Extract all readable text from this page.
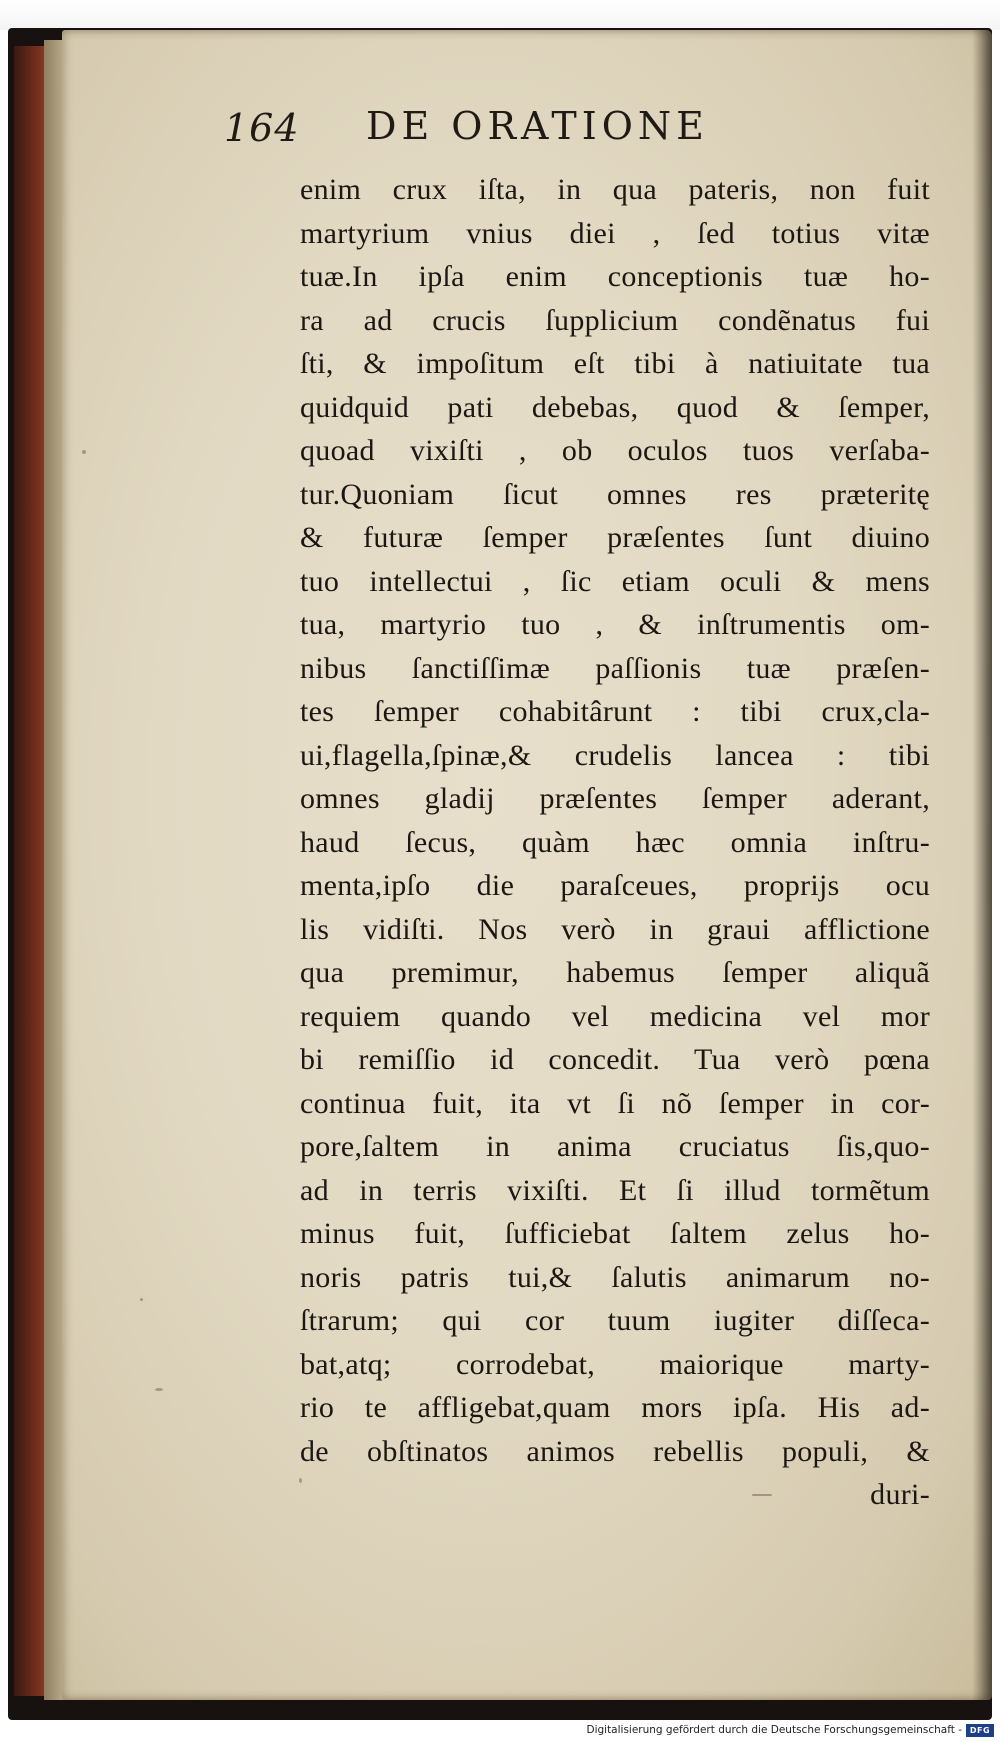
164 DE ORATIONE
enim crux iſta, in qua pateris, non fuit
martyrium vnius diei , ſed totius vitæ
tuæ.In ipſa enim conceptionis tuæ ho-
ra ad crucis ſupplicium condẽnatus fui
ſti, & impoſitum eſt tibi à natiuitate tua
quidquid pati debebas, quod & ſemper,
quoad vixiſti , ob oculos tuos verſaba-
tur.Quoniam ſicut omnes res præteritę
& futuræ ſemper præſentes ſunt diuino
tuo intellectui , ſic etiam oculi & mens
tua, martyrio tuo , & inſtrumentis om-
nibus ſanctiſſimæ paſſionis tuæ præſen-
tes ſemper cohabitârunt : tibi crux,cla-
ui,flagella,ſpinæ,& crudelis lancea : tibi
omnes gladij præſentes ſemper aderant,
haud ſecus, quàm hæc omnia inſtru-
menta,ipſo die paraſceues, proprijs ocu
lis vidiſti. Nos verò in graui afflictione
qua premimur, habemus ſemper aliquã
requiem quando vel medicina vel mor
bi remiſſio id concedit. Tua verò pœna
continua fuit, ita vt ſi nõ ſemper in cor-
pore,ſaltem in anima cruciatus ſis,quo-
ad in terris vixiſti. Et ſi illud tormẽtum
minus fuit, ſufficiebat ſaltem zelus ho-
noris patris tui,& ſalutis animarum no-
ſtrarum; qui cor tuum iugiter diſſeca-
bat,atq; corrodebat, maiorique marty-
rio te affligebat,quam mors ipſa. His ad-
de obſtinatos animos rebellis populi, &
duri-
Digitalisierung gefördert durch die Deutsche Forschungsgemeinschaft - DFG
